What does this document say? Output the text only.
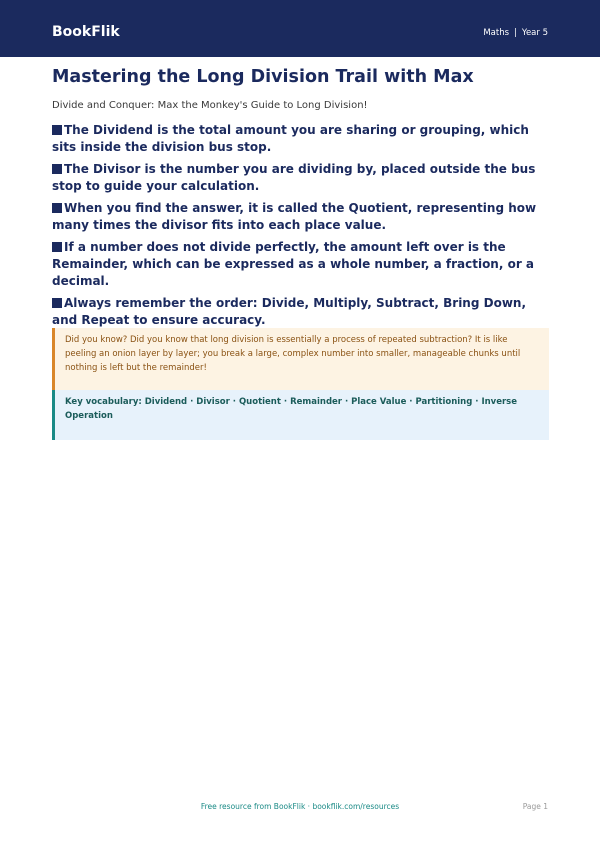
BookFlik	Maths | Year 5
Mastering the Long Division Trail with Max

Divide and Conquer: Max the Monkey's Guide to Long Division!

The Dividend is the total amount you are sharing or grouping, which sits inside the division bus stop.
The Divisor is the number you are dividing by, placed outside the bus stop to guide your calculation.
When you find the answer, it is called the Quotient, representing how many times the divisor fits into each place value.
If a number does not divide perfectly, the amount left over is the Remainder, which can be expressed as a whole number, a fraction, or a decimal.
Always remember the order: Divide, Multiply, Subtract, Bring Down, and Repeat to ensure accuracy.
Did you know? Did you know that long division is essentially a process of repeated subtraction? It is like peeling an onion layer by layer; you break a large, complex number into smaller, manageable chunks until nothing is left but the remainder!
Key vocabulary: Dividend · Divisor · Quotient · Remainder · Place Value · Partitioning · Inverse Operation
Free resource from BookFlik · bookflik.com/resources	Page 1
